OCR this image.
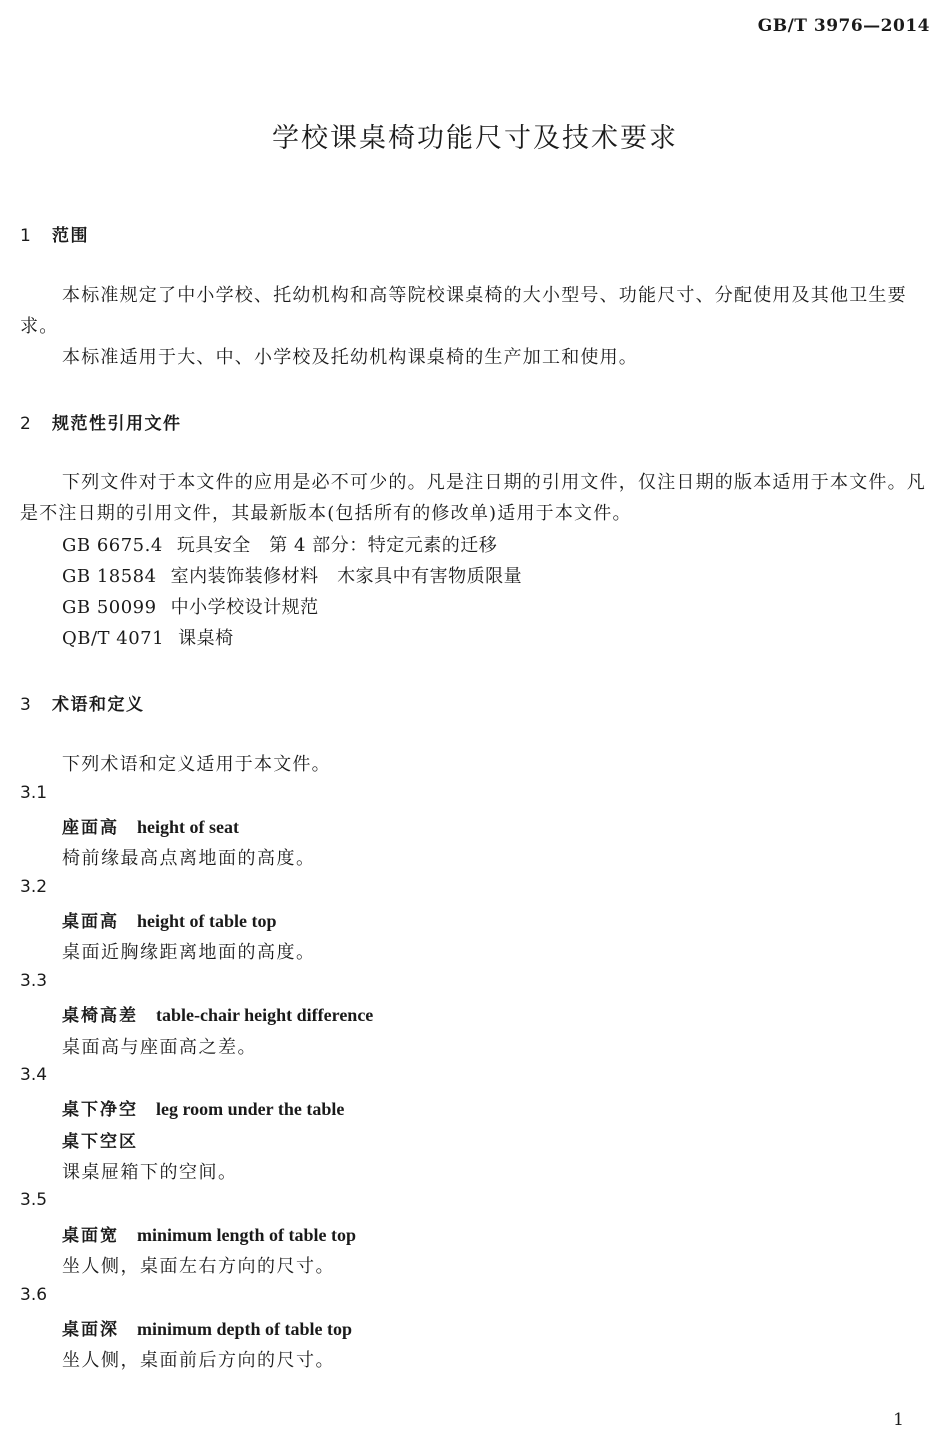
GB/T 3976—2014
学校课桌椅功能尺寸及技术要求
1 范围
本标准规定了中小学校、托幼机构和高等院校课桌椅的大小型号、功能尺寸、分配使用及其他卫生要求。
本标准适用于大、中、小学校及托幼机构课桌椅的生产加工和使用。
2 规范性引用文件
下列文件对于本文件的应用是必不可少的。凡是注日期的引用文件，仅注日期的版本适用于本文件。凡是不注日期的引用文件，其最新版本(包括所有的修改单)适用于本文件。
GB 6675.4 玩具安全　第 4 部分：特定元素的迁移
GB 18584 室内装饰装修材料　木家具中有害物质限量
GB 50099 中小学校设计规范
QB/T 4071 课桌椅
3 术语和定义
下列术语和定义适用于本文件。
3.1
座面高 height of seat
椅前缘最高点离地面的高度。
3.2
桌面高 height of table top
桌面近胸缘距离地面的高度。
3.3
桌椅高差 table-chair height difference
桌面高与座面高之差。
3.4
桌下净空 leg room under the table
桌下空区
课桌屉箱下的空间。
3.5
桌面宽 minimum length of table top
坐人侧，桌面左右方向的尺寸。
3.6
桌面深 minimum depth of table top
坐人侧，桌面前后方向的尺寸。
1
